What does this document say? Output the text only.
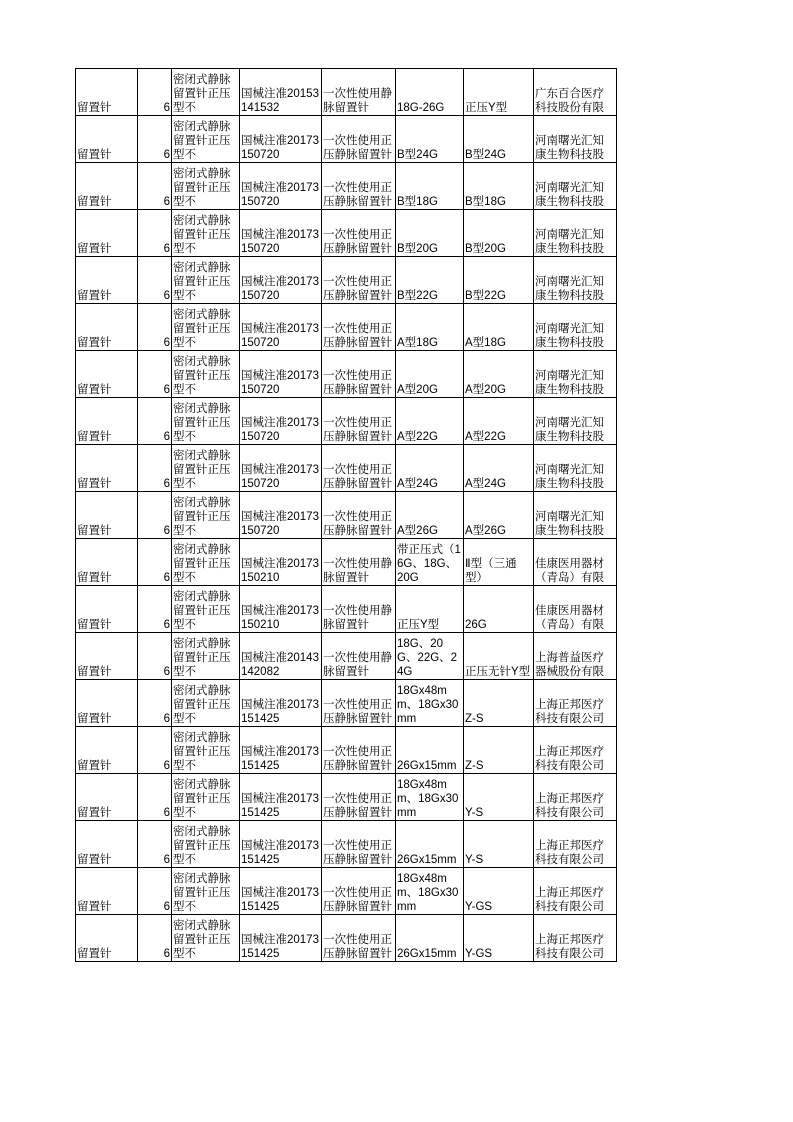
留置针	6	密闭式静脉留置针正压型不	国械注准20153141532	一次性使用静脉留置针	18G-26G	正压Y型	广东百合医疗科技股份有限

留置针	6	密闭式静脉留置针正压型不	国械注准20173150720	一次性使用正压静脉留置针	B型24G	B型24G	河南曙光汇知康生物科技股

留置针	6	密闭式静脉留置针正压型不	国械注准20173150720	一次性使用正压静脉留置针	B型18G	B型18G	河南曙光汇知康生物科技股

留置针	6	密闭式静脉留置针正压型不	国械注准20173150720	一次性使用正压静脉留置针	B型20G	B型20G	河南曙光汇知康生物科技股

留置针	6	密闭式静脉留置针正压型不	国械注准20173150720	一次性使用正压静脉留置针	B型22G	B型22G	河南曙光汇知康生物科技股

留置针	6	密闭式静脉留置针正压型不	国械注准20173150720	一次性使用正压静脉留置针	A型18G	A型18G	河南曙光汇知康生物科技股

留置针	6	密闭式静脉留置针正压型不	国械注准20173150720	一次性使用正压静脉留置针	A型20G	A型20G	河南曙光汇知康生物科技股

留置针	6	密闭式静脉留置针正压型不	国械注准20173150720	一次性使用正压静脉留置针	A型22G	A型22G	河南曙光汇知康生物科技股

留置针	6	密闭式静脉留置针正压型不	国械注准20173150720	一次性使用正压静脉留置针	A型24G	A型24G	河南曙光汇知康生物科技股

留置针	6	密闭式静脉留置针正压型不	国械注准20173150720	一次性使用正压静脉留置针	A型26G	A型26G	河南曙光汇知康生物科技股

留置针	6	密闭式静脉留置针正压型不	国械注准20173150210	一次性使用静脉留置针	带正压式（16G、18G、20G	Ⅱ型（三通型）	佳康医用器材（青岛）有限

留置针	6	密闭式静脉留置针正压型不	国械注准20173150210	一次性使用静脉留置针	正压Y型	26G	佳康医用器材（青岛）有限

留置针	6	密闭式静脉留置针正压型不	国械注准20143142082	一次性使用静脉留置针	18G、20G、22G、24G	正压无针Y型	上海普益医疗器械股份有限

留置针	6	密闭式静脉留置针正压型不	国械注准20173151425	一次性使用正压静脉留置针	18Gx48mm、18Gx30mm	Z-S	上海正邦医疗科技有限公司

留置针	6	密闭式静脉留置针正压型不	国械注准20173151425	一次性使用正压静脉留置针	26Gx15mm	Z-S	上海正邦医疗科技有限公司

留置针	6	密闭式静脉留置针正压型不	国械注准20173151425	一次性使用正压静脉留置针	18Gx48mm、18Gx30mm	Y-S	上海正邦医疗科技有限公司

留置针	6	密闭式静脉留置针正压型不	国械注准20173151425	一次性使用正压静脉留置针	26Gx15mm	Y-S	上海正邦医疗科技有限公司

留置针	6	密闭式静脉留置针正压型不	国械注准20173151425	一次性使用正压静脉留置针	18Gx48mm、18Gx30mm	Y-GS	上海正邦医疗科技有限公司

留置针	6	密闭式静脉留置针正压型不	国械注准20173151425	一次性使用正压静脉留置针	26Gx15mm	Y-GS	上海正邦医疗科技有限公司
